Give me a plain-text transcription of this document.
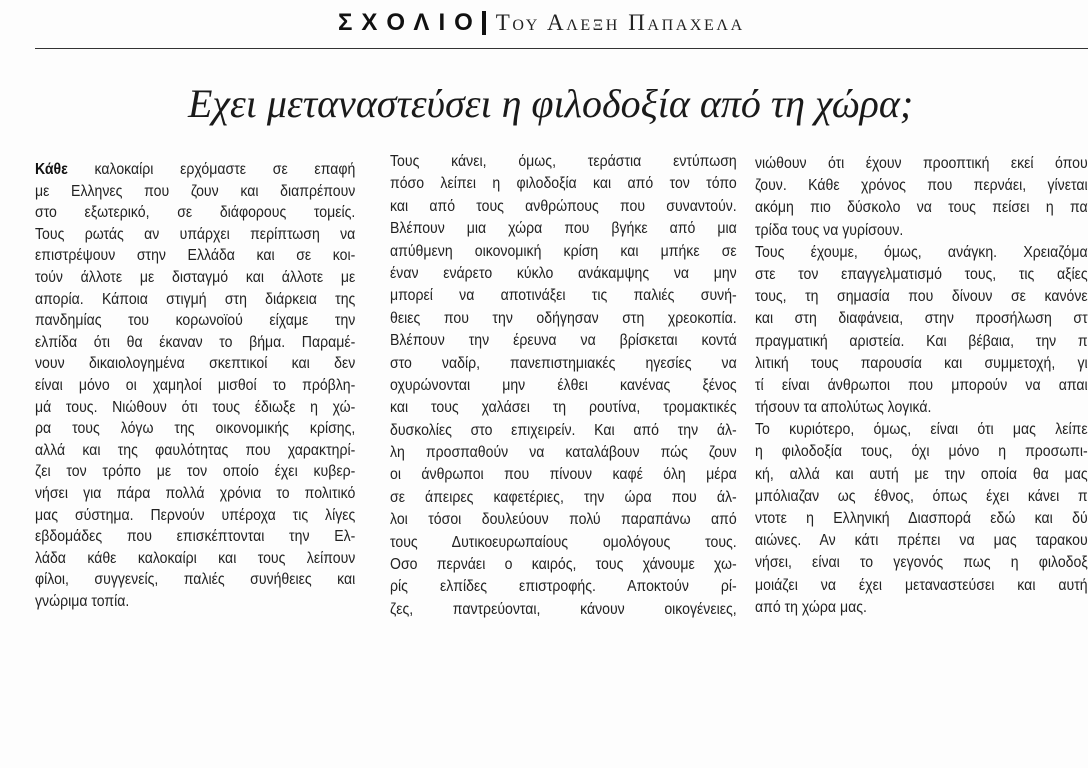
ΣΧΟΛΙΟ Του Αλεξη Παπαχελα
Εχει μεταναστεύσει η φιλοδοξία από τη χώρα;
Κάθε καλοκαίρι ερχόμαστε σε επαφή
με Ελληνες που ζουν και διαπρέπουν
στο εξωτερικό, σε διάφορους τομείς.
Τους ρωτάς αν υπάρχει περίπτωση να
επιστρέψουν στην Ελλάδα και σε κοι-
τούν άλλοτε με δισταγμό και άλλοτε με
απορία. Κάποια στιγμή στη διάρκεια της
πανδημίας του κορωνοϊού είχαμε την
ελπίδα ότι θα έκαναν το βήμα. Παραμέ-
νουν δικαιολογημένα σκεπτικοί και δεν
είναι μόνο οι χαμηλοί μισθοί το πρόβλη-
μά τους. Νιώθουν ότι τους έδιωξε η χώ-
ρα τους λόγω της οικονομικής κρίσης,
αλλά και της φαυλότητας που χαρακτηρί-
ζει τον τρόπο με τον οποίο έχει κυβερ-
νήσει για πάρα πολλά χρόνια το πολιτικό
μας σύστημα. Περνούν υπέροχα τις λίγες
εβδομάδες που επισκέπτονται την Ελ-
λάδα κάθε καλοκαίρι και τους λείπουν
φίλοι, συγγενείς, παλιές συνήθειες και
γνώριμα τοπία.
Τους κάνει, όμως, τεράστια εντύπωση
πόσο λείπει η φιλοδοξία και από τον τόπο
και από τους ανθρώπους που συναντούν.
Βλέπουν μια χώρα που βγήκε από μια
απύθμενη οικονομική κρίση και μπήκε σε
έναν ενάρετο κύκλο ανάκαμψης να μην
μπορεί να αποτινάξει τις παλιές συνή-
θειες που την οδήγησαν στη χρεοκοπία.
Βλέπουν την έρευνα να βρίσκεται κοντά
στο ναδίρ, πανεπιστημιακές ηγεσίες να
οχυρώνονται μην έλθει κανένας ξένος
και τους χαλάσει τη ρουτίνα, τρομακτικές
δυσκολίες στο επιχειρείν. Και από την άλ-
λη προσπαθούν να καταλάβουν πώς ζουν
οι άνθρωποι που πίνουν καφέ όλη μέρα
σε άπειρες καφετέριες, την ώρα που άλ-
λοι τόσοι δουλεύουν πολύ παραπάνω από
τους Δυτικοευρωπαίους ομολόγους τους.
Οσο περνάει ο καιρός, τους χάνουμε χω-
ρίς ελπίδες επιστροφής. Αποκτούν ρί-
ζες, παντρεύονται, κάνουν οικογένειες,
νιώθουν ότι έχουν προοπτική εκεί όπου
ζουν. Κάθε χρόνος που περνάει, γίνεται
ακόμη πιο δύσκολο να τους πείσει η πα
τρίδα τους να γυρίσουν.
Τους έχουμε, όμως, ανάγκη. Χρειαζόμα
στε τον επαγγελματισμό τους, τις αξίες
τους, τη σημασία που δίνουν σε κανόνε
και στη διαφάνεια, στην προσήλωση στ
πραγματική αριστεία. Και βέβαια, την π
λιτική τους παρουσία και συμμετοχή, γι
τί είναι άνθρωποι που μπορούν να απαι
τήσουν τα απολύτως λογικά.
Το κυριότερο, όμως, είναι ότι μας λείπε
η φιλοδοξία τους, όχι μόνο η προσωπι-
κή, αλλά και αυτή με την οποία θα μας
μπόλιαζαν ως έθνος, όπως έχει κάνει π
ντοτε η Ελληνική Διασπορά εδώ και δύ
αιώνες. Αν κάτι πρέπει να μας ταρακου
νήσει, είναι το γεγονός πως η φιλοδοξ
μοιάζει να έχει μεταναστεύσει και αυτή
από τη χώρα μας.
